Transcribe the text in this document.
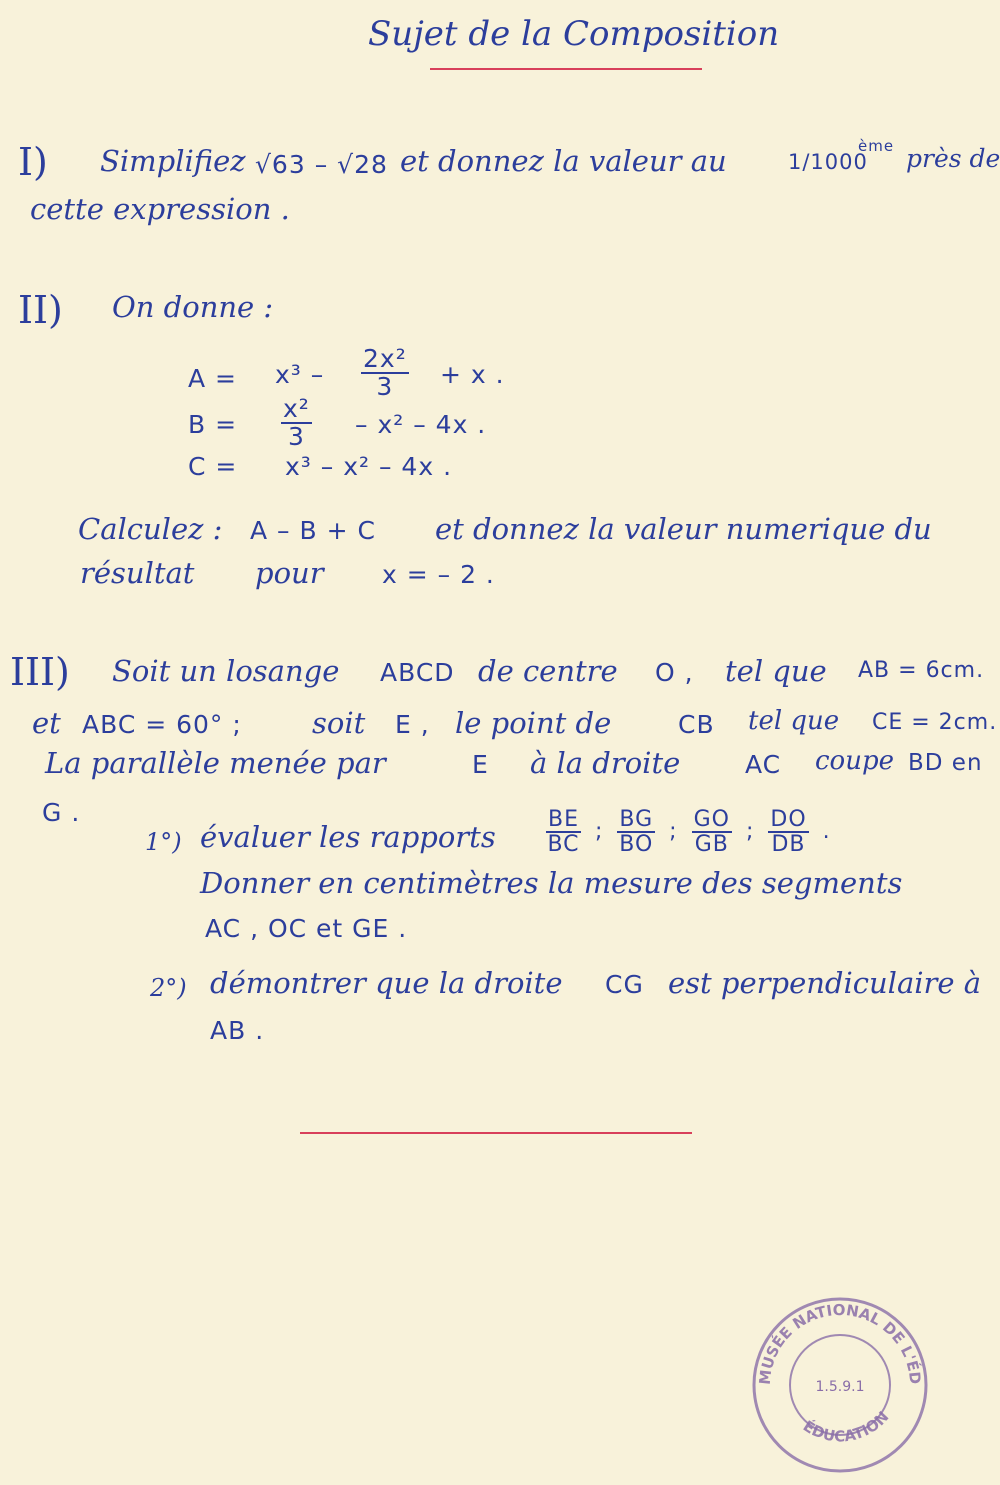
Sujet de la Composition
I) Simplifiez √63 – √28 et donnez la valeur au	1/1000
ème près de
cette expression .
II) On donne :
$A = x^3 - \frac{\text{2x²}}{3} + x$ .
$B = \frac{\text{x²}}{3} - x^2 - 4x$ .
C = x³ – x² – 4x .
Calculez : A – B + C et donnez la valeur numerique du
résultat pour x = – 2 .
III) Soit un losange ABCD de centre O , tel que AB = 6cm.
et ABC = 60° ; soit E , le point de	CB tel que CE = 2cm.
La parallèle menée par	E à la droite	AC coupe BD en
G .
1°) évaluer les rapports $\frac{BE}{BC}$ ; $\frac{BG}{BO}$ ; $\frac{GO}{GB}$ ; $\frac{DO}{DB}$ .
Donner en centimètres la mesure des segments
AC , OC et GE .
2°) démontrer que la droite CG est perpendiculaire à
AB .
MUSÉE NATIONAL DE L'ÉD
ÉDUCATION
1.5.9.1
